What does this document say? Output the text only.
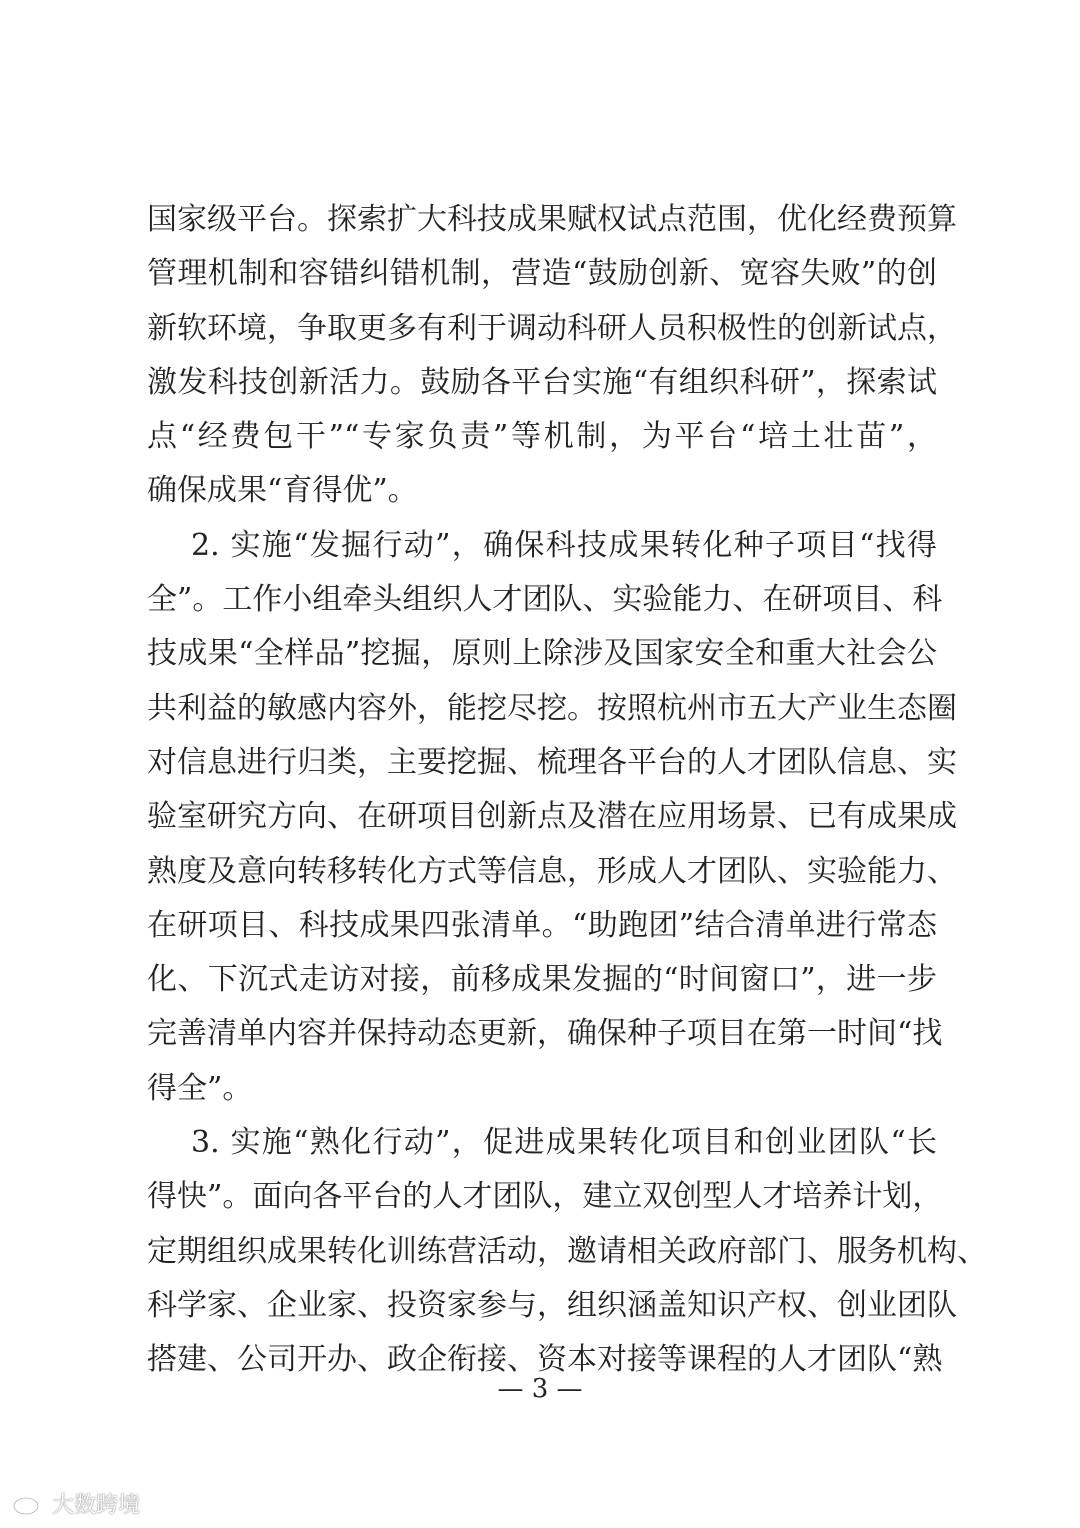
国家级平台。探索扩大科技成果赋权试点范围，优化经费预算
管理机制和容错纠错机制，营造“鼓励创新、宽容失败”的创
新软环境，争取更多有利于调动科研人员积极性的创新试点，
激发科技创新活力。鼓励各平台实施“有组织科研”，探索试
点“经费包干”“专家负责”等机制，为平台“培土壮苗”，
确保成果“育得优”。
2. 实施“发掘行动”，确保科技成果转化种子项目“找得
全”。工作小组牵头组织人才团队、实验能力、在研项目、科
技成果“全样品”挖掘，原则上除涉及国家安全和重大社会公
共利益的敏感内容外，能挖尽挖。按照杭州市五大产业生态圈
对信息进行归类，主要挖掘、梳理各平台的人才团队信息、实
验室研究方向、在研项目创新点及潜在应用场景、已有成果成
熟度及意向转移转化方式等信息，形成人才团队、实验能力、
在研项目、科技成果四张清单。“助跑团”结合清单进行常态
化、下沉式走访对接，前移成果发掘的“时间窗口”，进一步
完善清单内容并保持动态更新，确保种子项目在第一时间“找
得全”。
3. 实施“熟化行动”，促进成果转化项目和创业团队“长
得快”。面向各平台的人才团队，建立双创型人才培养计划，
定期组织成果转化训练营活动，邀请相关政府部门、服务机构、
科学家、企业家、投资家参与，组织涵盖知识产权、创业团队
搭建、公司开办、政企衔接、资本对接等课程的人才团队“熟
— 3 —
大数跨境
